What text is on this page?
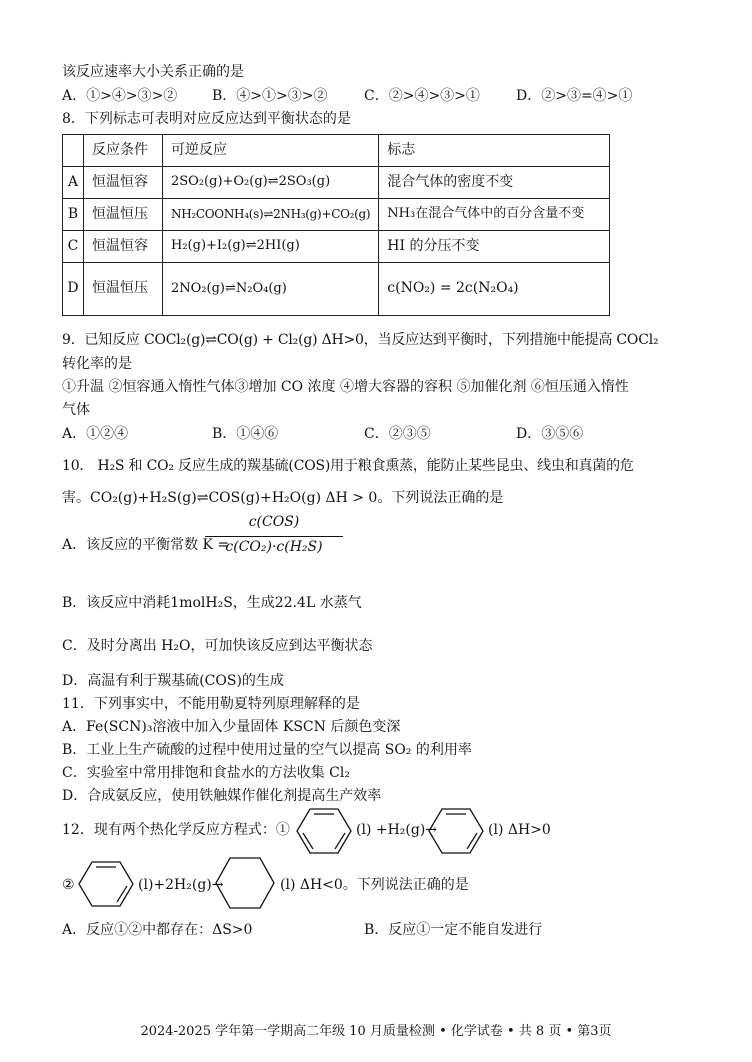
该反应速率大小关系正确的是
A．①>④>③>② B．④>①>③>②	C．②>④>③>①	D．②>③=④>①
8．下列标志可表明对应反应达到平衡状态的是
	反应条件	可逆反应	标志
A	恒温恒容	2SO₂(g)+O₂(g)⇌2SO₃(g)	混合气体的密度不变
B	恒温恒压	NH₂COONH₄(s)⇌2NH₃(g)+CO₂(g)	NH₃在混合气体中的百分含量不变
C	恒温恒容	H₂(g)+I₂(g)⇌2HI(g)	HI 的分压不变
D	恒温恒压	2NO₂(g)⇌N₂O₄(g)	c(NO₂) = 2c(N₂O₄)
9．已知反应 COCl₂(g)⇌CO(g) + Cl₂(g) ΔH>0，当反应达到平衡时，下列措施中能提高 COCl₂
转化率的是
①升温 ②恒容通入惰性气体③增加 CO 浓度 ④增大容器的容积 ⑤加催化剂 ⑥恒压通入惰性
气体
A．①②④	B．①④⑥	C．②③⑤	D．③⑤⑥
10． H₂S 和 CO₂ 反应生成的羰基硫(COS)用于粮食熏蒸，能防止某些昆虫、线虫和真菌的危
害。CO₂(g)+H₂S(g)⇌COS(g)+H₂O(g) ΔH > 0。下列说法正确的是
A．该反应的平衡常数 K =
c(COS)
c(CO₂)·c(H₂S)
B．该反应中消耗1molH₂S，生成22.4L 水蒸气
C．及时分离出 H₂O，可加快该反应到达平衡状态
D．高温有利于羰基硫(COS)的生成
11．下列事实中，不能用勒夏特列原理解释的是
A．Fe(SCN)₃溶液中加入少量固体 KSCN 后颜色变深
B．工业上生产硫酸的过程中使用过量的空气以提高 SO₂ 的利用率
C．实验室中常用排饱和食盐水的方法收集 Cl₂
D．合成氨反应，使用铁触媒作催化剂提高生产效率
12．现有两个热化学反应方程式：①	(l) +H₂(g)→	(l) ΔH>0
②	(l)+2H₂(g)→	(l) ΔH<0。下列说法正确的是
A．反应①②中都存在：ΔS>0	B．反应①一定不能自发进行
2024-2025 学年第一学期高二年级 10 月质量检测 • 化学试卷 • 共 8 页 • 第3页
